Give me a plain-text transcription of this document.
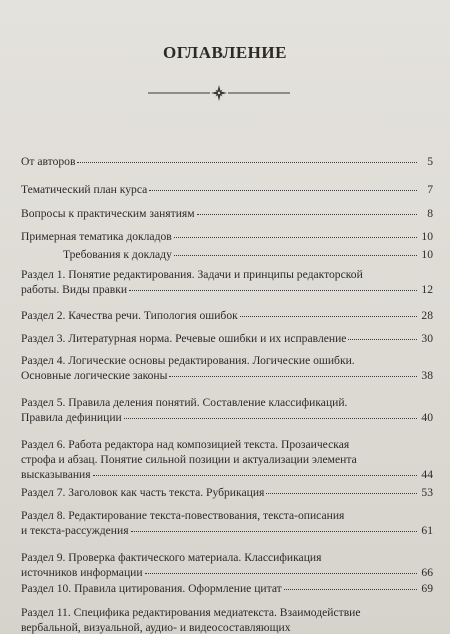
ОГЛАВЛЕНИЕ
От авторов	5
Тематический план курса	7
Вопросы к практическим занятиям	8
Примерная тематика докладов	10
Требования к докладу	10
Раздел 1. Понятие редактирования. Задачи и принципы редакторской
работы. Виды правки	12
Раздел 2. Качества речи. Типология ошибок	28
Раздел 3. Литературная норма. Речевые ошибки и их исправление	30
Раздел 4. Логические основы редактирования. Логические ошибки.
Основные логические законы	38
Раздел 5. Правила деления понятий. Составление классификаций.
Правила дефиниции	40
Раздел 6. Работа редактора над композицией текста. Прозаическая
строфа и абзац. Понятие сильной позиции и актуализации элемента
высказывания	44
Раздел 7. Заголовок как часть текста. Рубрикация	53
Раздел 8. Редактирование текста-повествования, текста-описания
и текста-рассуждения	61
Раздел 9. Проверка фактического материала. Классификация
источников информации	66
Раздел 10. Правила цитирования. Оформление цитат	69
Раздел 11. Специфика редактирования медиатекста. Взаимодействие
вербальной, визуальной, аудио- и видеосоставляющих
